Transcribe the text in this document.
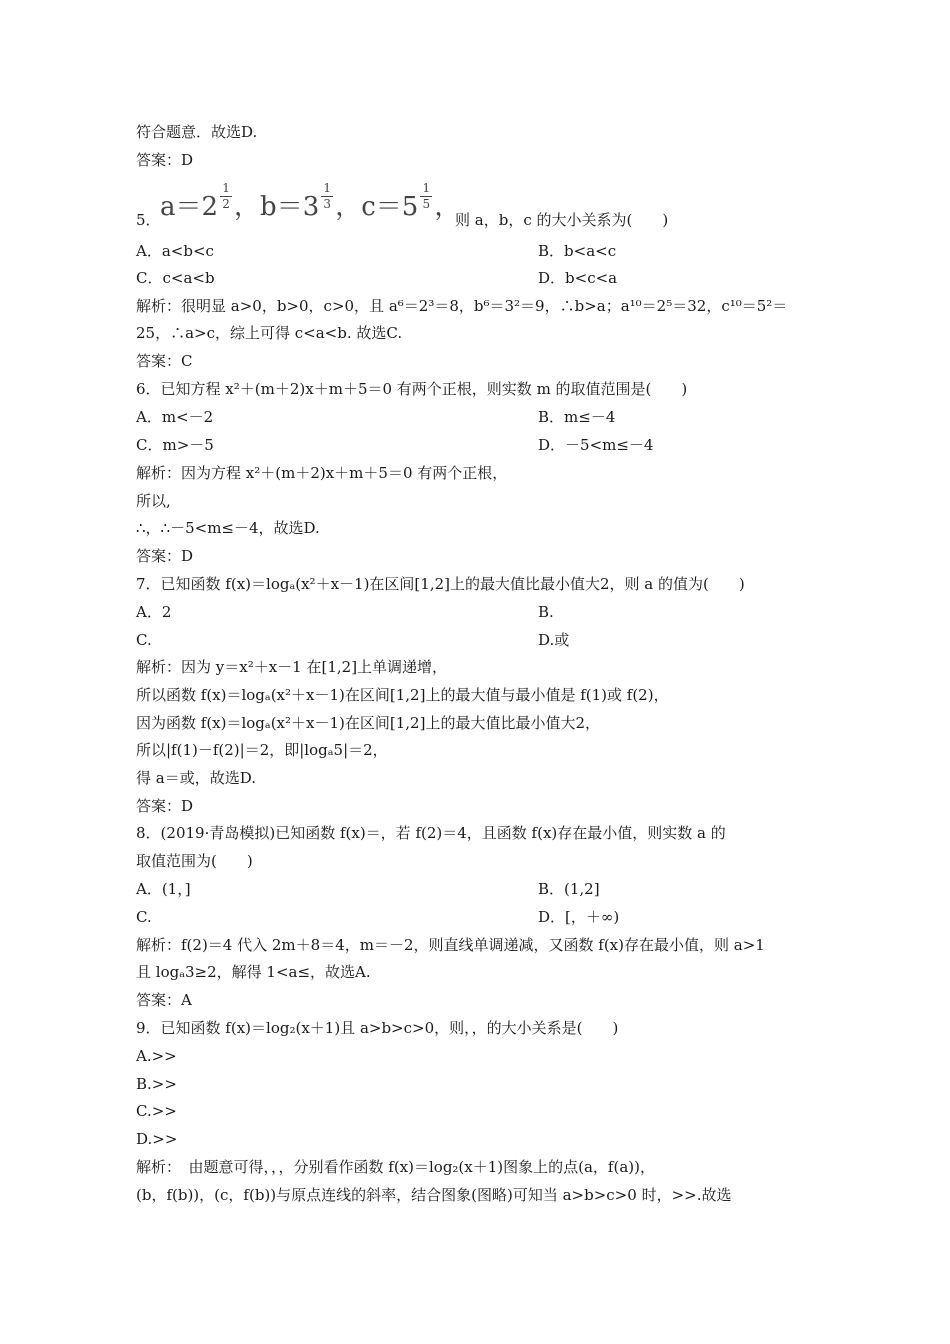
符合题意．故选D.
答案：D
a＝2
1
2 ，b＝3
1
3 ，c＝5
1
5 ，
5．	则 a，b，c 的大小关系为(　　)
A．a<b<c	B．b<a<c
C．c<a<b	D．b<c<a
解析：很明显 a>0，b>0，c>0，且 a⁶＝2³＝8，b⁶＝3²＝9，∴b>a；a¹⁰＝2⁵＝32，c¹⁰＝5²＝
25，∴a>c，综上可得 c<a<b. 故选C.
答案：C
6．已知方程 x²＋(m＋2)x＋m＋5＝0 有两个正根，则实数 m 的取值范围是(　　)
A．m<－2	B．m≤－4
C．m>－5	D．－5<m≤－4
解析：因为方程 x²＋(m＋2)x＋m＋5＝0 有两个正根，
所以,
∴，∴－5<m≤－4，故选D.
答案：D
7．已知函数 f(x)＝logₐ(x²＋x－1)在区间[1,2]上的最大值比最小值大2，则 a 的值为(　　)
A．2	B.
C.	D.或
解析：因为 y＝x²＋x－1 在[1,2]上单调递增，
所以函数 f(x)＝logₐ(x²＋x－1)在区间[1,2]上的最大值与最小值是 f(1)或 f(2)，
因为函数 f(x)＝logₐ(x²＋x－1)在区间[1,2]上的最大值比最小值大2，
所以|f(1)－f(2)|＝2，即|logₐ5|＝2，
得 a＝或，故选D.
答案：D
8．(2019·青岛模拟)已知函数 f(x)＝，若 f(2)＝4，且函数 f(x)存在最小值，则实数 a 的
取值范围为(　　)
A．(1，]	B．(1,2]
C.	D．[，＋∞)
解析：f(2)＝4 代入 2m＋8＝4，m＝－2，则直线单调递减，又函数 f(x)存在最小值，则 a>1
且 logₐ3≥2，解得 1<a≤，故选A.
答案：A
9．已知函数 f(x)＝log₂(x＋1)且 a>b>c>0，则，，的大小关系是(　　)
A.>>
B.>>
C.>>
D.>>
解析：　由题意可得，，，分别看作函数 f(x)＝log₂(x＋1)图象上的点(a，f(a))，
(b，f(b))，(c，f(b))与原点连线的斜率，结合图象(图略)可知当 a>b>c>0 时，>>.故选
